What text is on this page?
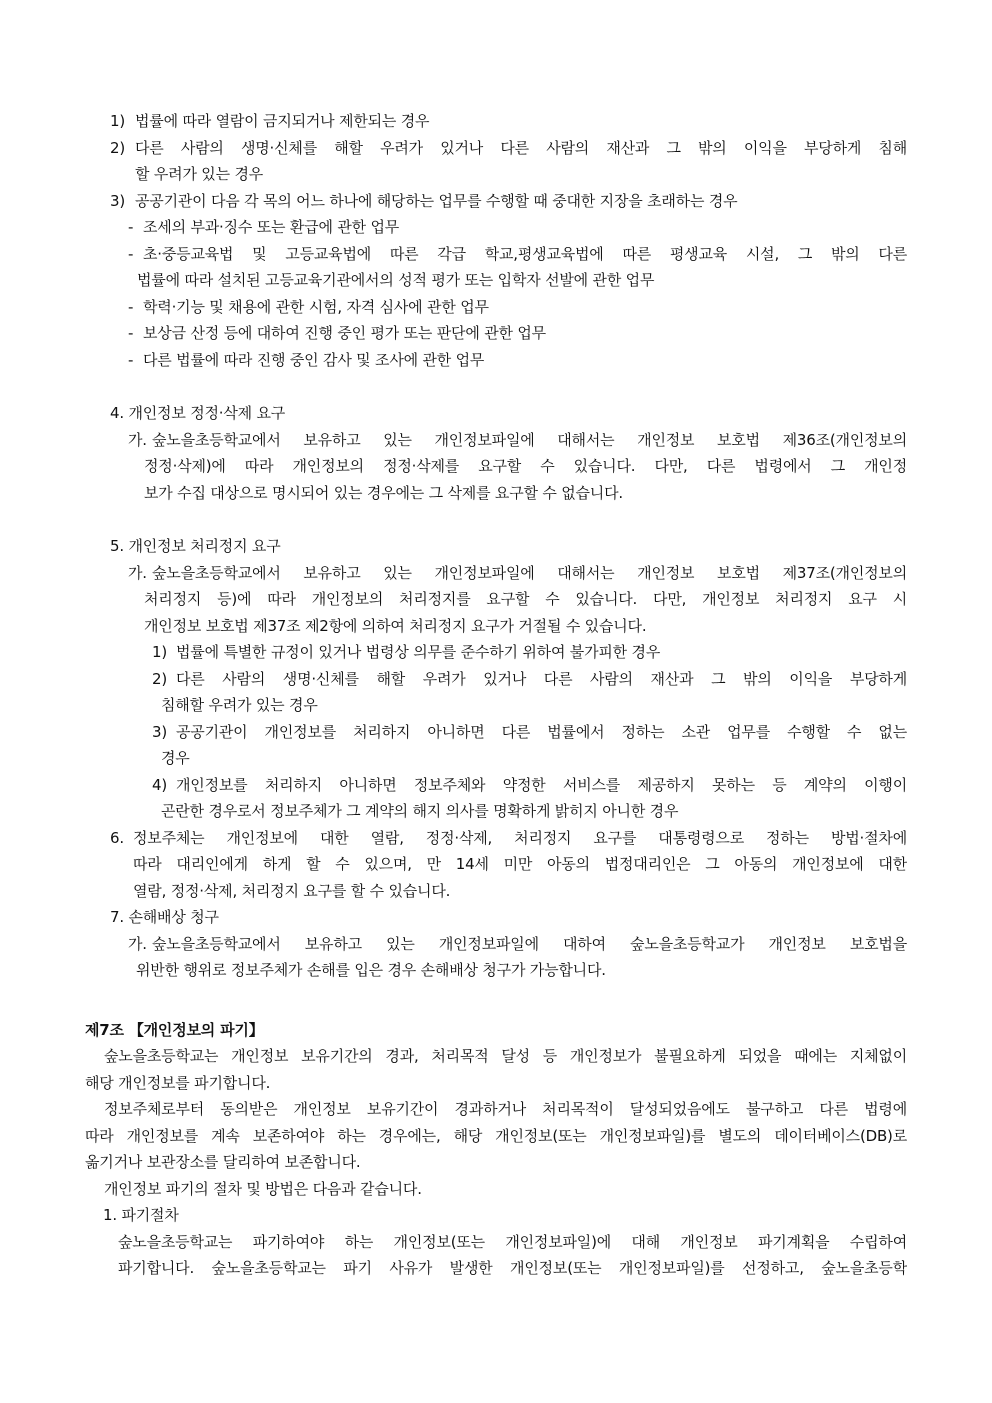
1) 법률에 따라 열람이 금지되거나 제한되는 경우
2) 다른 사람의 생명·신체를 해할 우려가 있거나 다른 사람의 재산과 그 밖의 이익을 부당하게 침해
할 우려가 있는 경우
3) 공공기관이 다음 각 목의 어느 하나에 해당하는 업무를 수행할 때 중대한 지장을 초래하는 경우
- 조세의 부과·징수 또는 환급에 관한 업무
- 초·중등교육법 및 고등교육법에 따른 각급 학교,평생교육법에 따른 평생교육 시설, 그 밖의 다른
법률에 따라 설치된 고등교육기관에서의 성적 평가 또는 입학자 선발에 관한 업무
- 학력·기능 및 채용에 관한 시험, 자격 심사에 관한 업무
- 보상금 산정 등에 대하여 진행 중인 평가 또는 판단에 관한 업무
- 다른 법률에 따라 진행 중인 감사 및 조사에 관한 업무
4. 개인정보 정정·삭제 요구
가. 숲노을초등학교에서 보유하고 있는 개인정보파일에 대해서는 개인정보 보호법 제36조(개인정보의
정정·삭제)에 따라 개인정보의 정정·삭제를 요구할 수 있습니다. 다만, 다른 법령에서 그 개인정
보가 수집 대상으로 명시되어 있는 경우에는 그 삭제를 요구할 수 없습니다.
5. 개인정보 처리정지 요구
가. 숲노을초등학교에서 보유하고 있는 개인정보파일에 대해서는 개인정보 보호법 제37조(개인정보의
처리정지 등)에 따라 개인정보의 처리정지를 요구할 수 있습니다. 다만, 개인정보 처리정지 요구 시
개인정보 보호법 제37조 제2항에 의하여 처리정지 요구가 거절될 수 있습니다.
1) 법률에 특별한 규정이 있거나 법령상 의무를 준수하기 위하여 불가피한 경우
2) 다른 사람의 생명·신체를 해할 우려가 있거나 다른 사람의 재산과 그 밖의 이익을 부당하게
침해할 우려가 있는 경우
3) 공공기관이 개인정보를 처리하지 아니하면 다른 법률에서 정하는 소관 업무를 수행할 수 없는
경우
4) 개인정보를 처리하지 아니하면 정보주체와 약정한 서비스를 제공하지 못하는 등 계약의 이행이
곤란한 경우로서 정보주체가 그 계약의 해지 의사를 명확하게 밝히지 아니한 경우
6. 정보주체는 개인정보에 대한 열람, 정정·삭제, 처리정지 요구를 대통령령으로 정하는 방법·절차에
따라 대리인에게 하게 할 수 있으며, 만 14세 미만 아동의 법정대리인은 그 아동의 개인정보에 대한
열람, 정정·삭제, 처리정지 요구를 할 수 있습니다.
7. 손해배상 청구
가. 숲노을초등학교에서 보유하고 있는 개인정보파일에 대하여 숲노을초등학교가 개인정보 보호법을
위반한 행위로 정보주체가 손해를 입은 경우 손해배상 청구가 가능합니다.
제7조 【개인정보의 파기】
숲노을초등학교는 개인정보 보유기간의 경과, 처리목적 달성 등 개인정보가 불필요하게 되었을 때에는 지체없이
해당 개인정보를 파기합니다.
정보주체로부터 동의받은 개인정보 보유기간이 경과하거나 처리목적이 달성되었음에도 불구하고 다른 법령에
따라 개인정보를 계속 보존하여야 하는 경우에는, 해당 개인정보(또는 개인정보파일)를 별도의 데이터베이스(DB)로
옮기거나 보관장소를 달리하여 보존합니다.
개인정보 파기의 절차 및 방법은 다음과 같습니다.
1. 파기절차
숲노을초등학교는 파기하여야 하는 개인정보(또는 개인정보파일)에 대해 개인정보 파기계획을 수립하여
파기합니다. 숲노을초등학교는 파기 사유가 발생한 개인정보(또는 개인정보파일)를 선정하고, 숲노을초등학
